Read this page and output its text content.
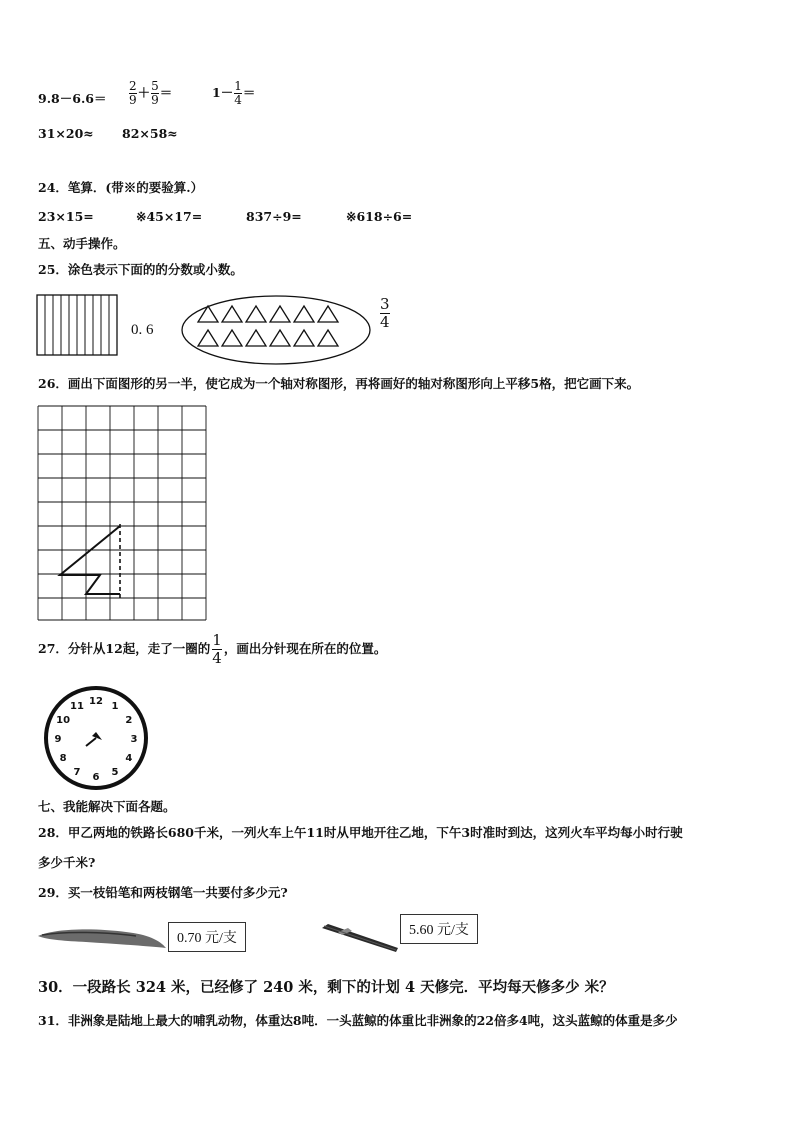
$9.8-6.6= \frac{2}{9} + \frac{5}{9}$ ＝	$1- \frac{1}{4}$ ＝
31×20≈ 82×58≈
24．笔算．(带※的要验算.）
23×15=	※45×17=	837÷9=	※618÷6=
五、动手操作。
25．涂色表示下面的的分数或小数。
0. 6	$\frac{3}{4}$
26．画出下面图形的另一半，使它成为一个轴对称图形，再将画好的轴对称图形向上平移5格，把它画下来。
27．分针从12起，走了一圈的 $\frac{1}{4}$ ，画出分针现在所在的位置。
12 1
2
3
4
5
6
7
8
9
10
11
七、我能解决下面各题。
28．甲乙两地的铁路长680千米，一列火车上午11时从甲地开往乙地，下午3时准时到达，这列火车平均每小时行驶
多少千米?
29．买一枝铅笔和两枝钢笔一共要付多少元?
0.70 元/支
5.60 元/支
30．一段路长 324 米，已经修了 240 米，剩下的计划 4 天修完．平均每天修多少 米？
31．非洲象是陆地上最大的哺乳动物，体重达8吨．一头蓝鲸的体重比非洲象的22倍多4吨，这头蓝鲸的体重是多少
